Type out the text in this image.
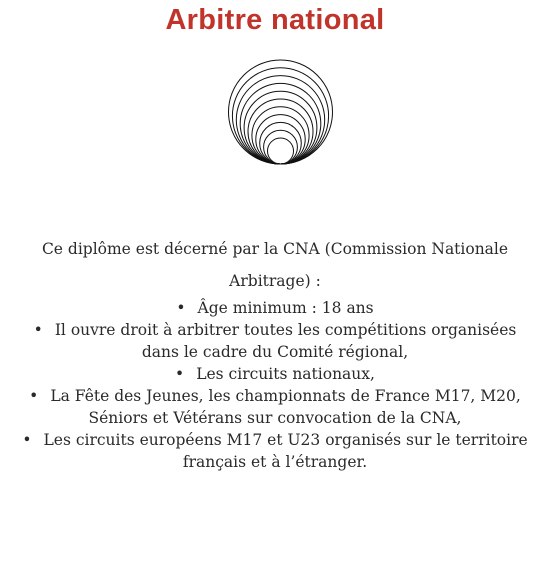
Arbitre national

Ce diplôme est décerné par la CNA (Commission Nationale Arbitrage) :

• Âge minimum : 18 ans
• Il ouvre droit à arbitrer toutes les compétitions organisées dans le cadre du Comité régional,
• Les circuits nationaux,
• La Fête des Jeunes, les championnats de France M17, M20, Séniors et Vétérans sur convocation de la CNA,
• Les circuits européens M17 et U23 organisés sur le territoire français et à l’étranger.
